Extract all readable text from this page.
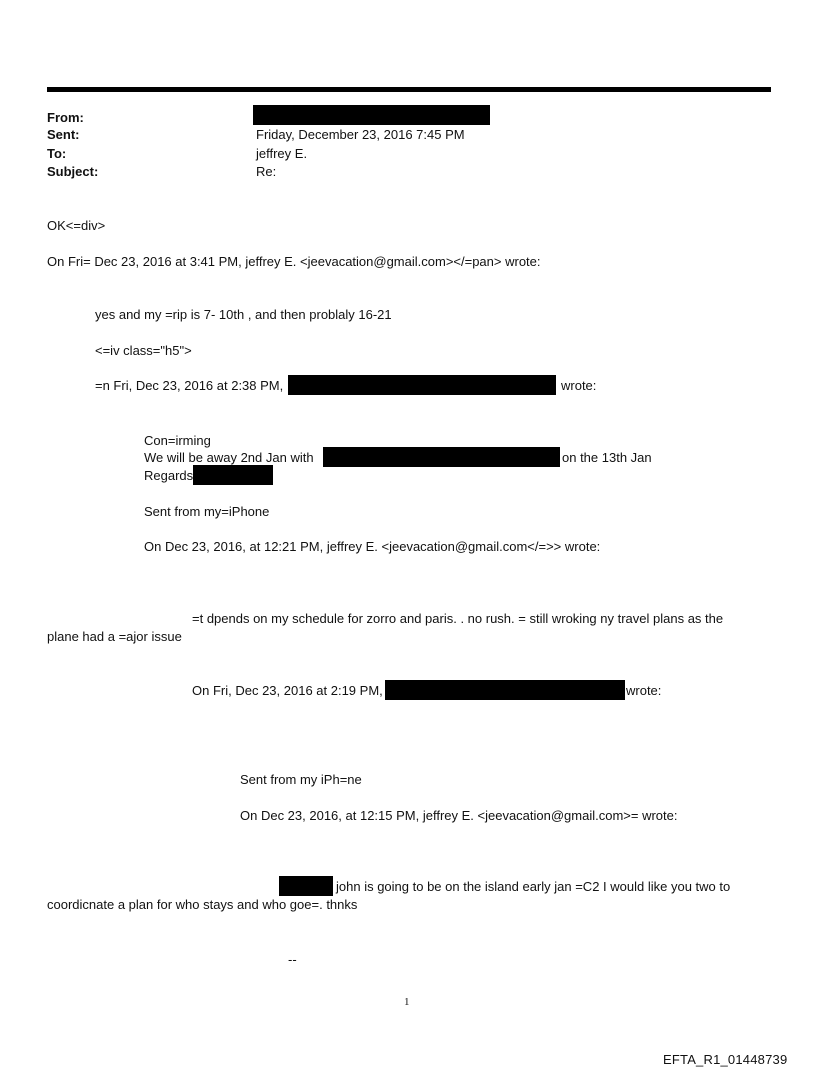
From:
Sent:	Friday, December 23, 2016 7:45 PM
To:	jeffrey E.
Subject:	Re:
OK<=div>
On Fri= Dec 23, 2016 at 3:41 PM, jeffrey E. <jeevacation@gmail.com></=pan> wrote:
yes and my =rip is 7- 10th , and then problaly 16-21
<=iv class="h5">
=n Fri, Dec 23, 2016 at 2:38 PM,	wrote:
Con=irming
We will be away 2nd Jan with	on the 13th Jan
Regards
Sent from my=iPhone
On Dec 23, 2016, at 12:21 PM, jeffrey E. <jeevacation@gmail.com</=>> wrote:
=t dpends on my schedule for zorro and paris. . no rush. = still wroking ny travel plans as the
plane had a =ajor issue
On Fri, Dec 23, 2016 at 2:19 PM,	wrote:
Sent from my iPh=ne
On Dec 23, 2016, at 12:15 PM, jeffrey E. <jeevacation@gmail.com>= wrote:
john is going to be on the island early jan =C2 I would like you two to
coordicnate a plan for who stays and who goe=. thnks
--
1
EFTA_R1_01448739
